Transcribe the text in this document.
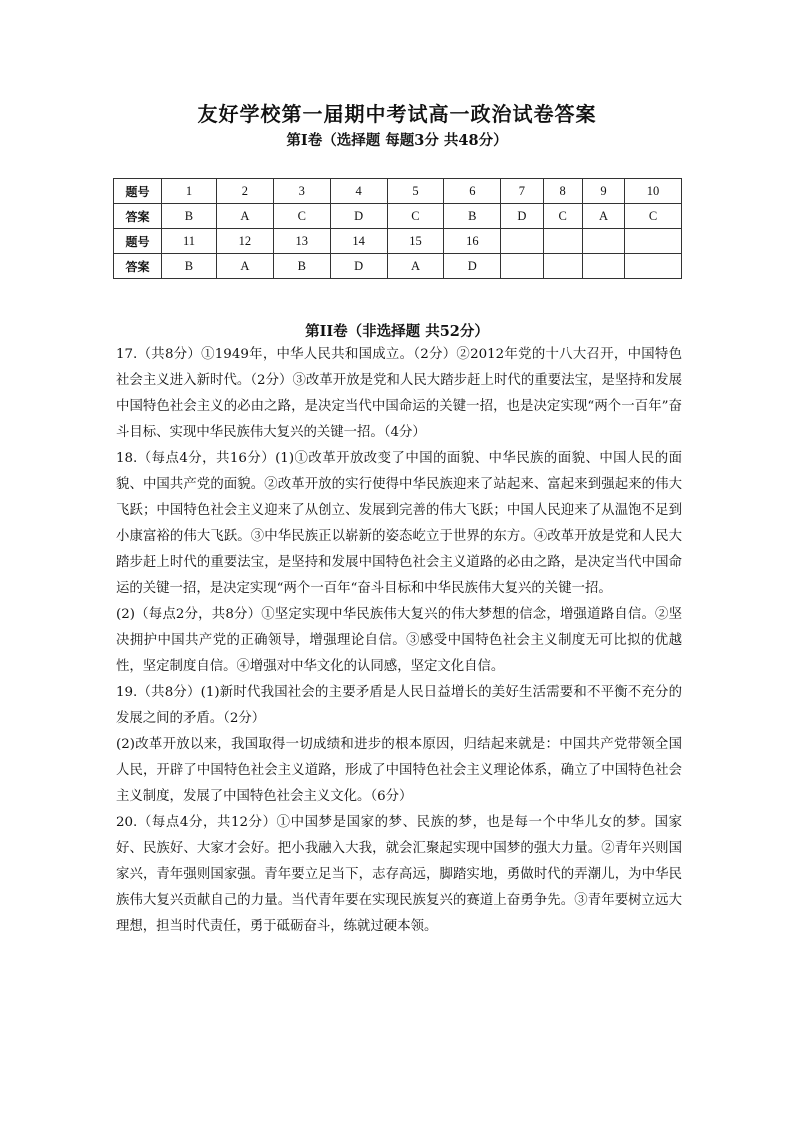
友好学校第一届期中考试高一政治试卷答案
第Ⅰ卷（选择题 每题3分 共48分）
题号	1	2	3	4	5	6	7	8	9	10
答案	B	A	C	D	C	B	D	C	A	C
题号	11	12	13	14	15	16				
答案	B	A	B	D	A	D				
第II卷（非选择题 共52分）

17.（共8分）①1949年，中华人民共和国成立。（2分）②2012年党的十八大召开，中国特色社会主义进入新时代。（2分）③改革开放是党和人民大踏步赶上时代的重要法宝，是坚持和发展中国特色社会主义的必由之路，是决定当代中国命运的关键一招，也是决定实现“两个一百年”奋斗目标、实现中华民族伟大复兴的关键一招。（4分）

18.（每点4分，共16分）(1)①改革开放改变了中国的面貌、中华民族的面貌、中国人民的面貌、中国共产党的面貌。②改革开放的实行使得中华民族迎来了站起来、富起来到强起来的伟大飞跃；中国特色社会主义迎来了从创立、发展到完善的伟大飞跃；中国人民迎来了从温饱不足到小康富裕的伟大飞跃。③中华民族正以崭新的姿态屹立于世界的东方。④改革开放是党和人民大踏步赶上时代的重要法宝，是坚持和发展中国特色社会主义道路的必由之路，是决定当代中国命运的关键一招，是决定实现“两个一百年“奋斗目标和中华民族伟大复兴的关键一招。

(2)（每点2分，共8分）①坚定实现中华民族伟大复兴的伟大梦想的信念，增强道路自信。②坚决拥护中国共产党的正确领导，增强理论自信。③感受中国特色社会主义制度无可比拟的优越性，坚定制度自信。④增强对中华文化的认同感，坚定文化自信。

19.（共8分）(1)新时代我国社会的主要矛盾是人民日益增长的美好生活需要和不平衡不充分的发展之间的矛盾。（2分）

(2)改革开放以来，我国取得一切成绩和进步的根本原因，归结起来就是：中国共产党带领全国人民，开辟了中国特色社会主义道路，形成了中国特色社会主义理论体系，确立了中国特色社会主义制度，发展了中国特色社会主义文化。（6分）

20.（每点4分，共12分）①中国梦是国家的梦、民族的梦，也是每一个中华儿女的梦。国家好、民族好、大家才会好。把小我融入大我，就会汇聚起实现中国梦的强大力量。②青年兴则国家兴，青年强则国家强。青年要立足当下，志存高远，脚踏实地，勇做时代的弄潮儿，为中华民族伟大复兴贡献自己的力量。当代青年要在实现民族复兴的赛道上奋勇争先。③青年要树立远大理想，担当时代责任，勇于砥砺奋斗，练就过硬本领。
